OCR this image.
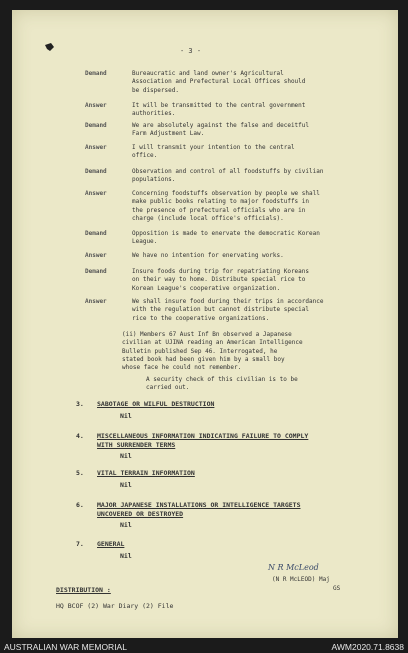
- 3 -
Demand	Bureaucratic and land owner's Agricultural
Association and Prefectural Local Offices should
be dispersed.
Answer	It will be transmitted to the central government
authorities.
Demand	We are absolutely against the false and deceitful
Farm Adjustment Law.
Answer	I will transmit your intention to the central
office.
Demand	Observation and control of all foodstuffs by civilian
populations.
Answer	Concerning foodstuffs observation by people we shall
make public books relating to major foodstuffs in
the presence of prefectural officials who are in
charge (include local office's officials).
Demand	Opposition is made to enervate the democratic Korean
League.
Answer	We have no intention for enervating works.
Demand	Insure foods during trip for repatriating Koreans
on their way to home. Distribute special rice to
Korean League's cooperative organization.
Answer	We shall insure food during their trips in accordance
with the regulation but cannot distribute special
rice to the cooperative organizations.
(ii) Members 67 Aust Inf Bn observed a Japanese
civilian at UJINA reading an American Intelligence
Bulletin published Sep 46. Interrogated, he
stated book had been given him by a small boy
whose face he could not remember.
A security check of this civilian is to be
carried out.
3. SABOTAGE OR WILFUL DESTRUCTION
Nil
4. MISCELLANEOUS INFORMATION INDICATING FAILURE TO COMPLY
WITH SURRENDER TERMS
Nil
5. VITAL TERRAIN INFORMATION
Nil
6. MAJOR JAPANESE INSTALLATIONS OR INTELLIGENCE TARGETS
UNCOVERED OR DESTROYED
Nil
7. GENERAL
Nil
N R McLeod
(N R McLEOD) Maj
GS
DISTRIBUTION :
HQ BCOF (2) War Diary (2) File
AUSTRALIAN WAR MEMORIAL	AWM2020.71.8638
